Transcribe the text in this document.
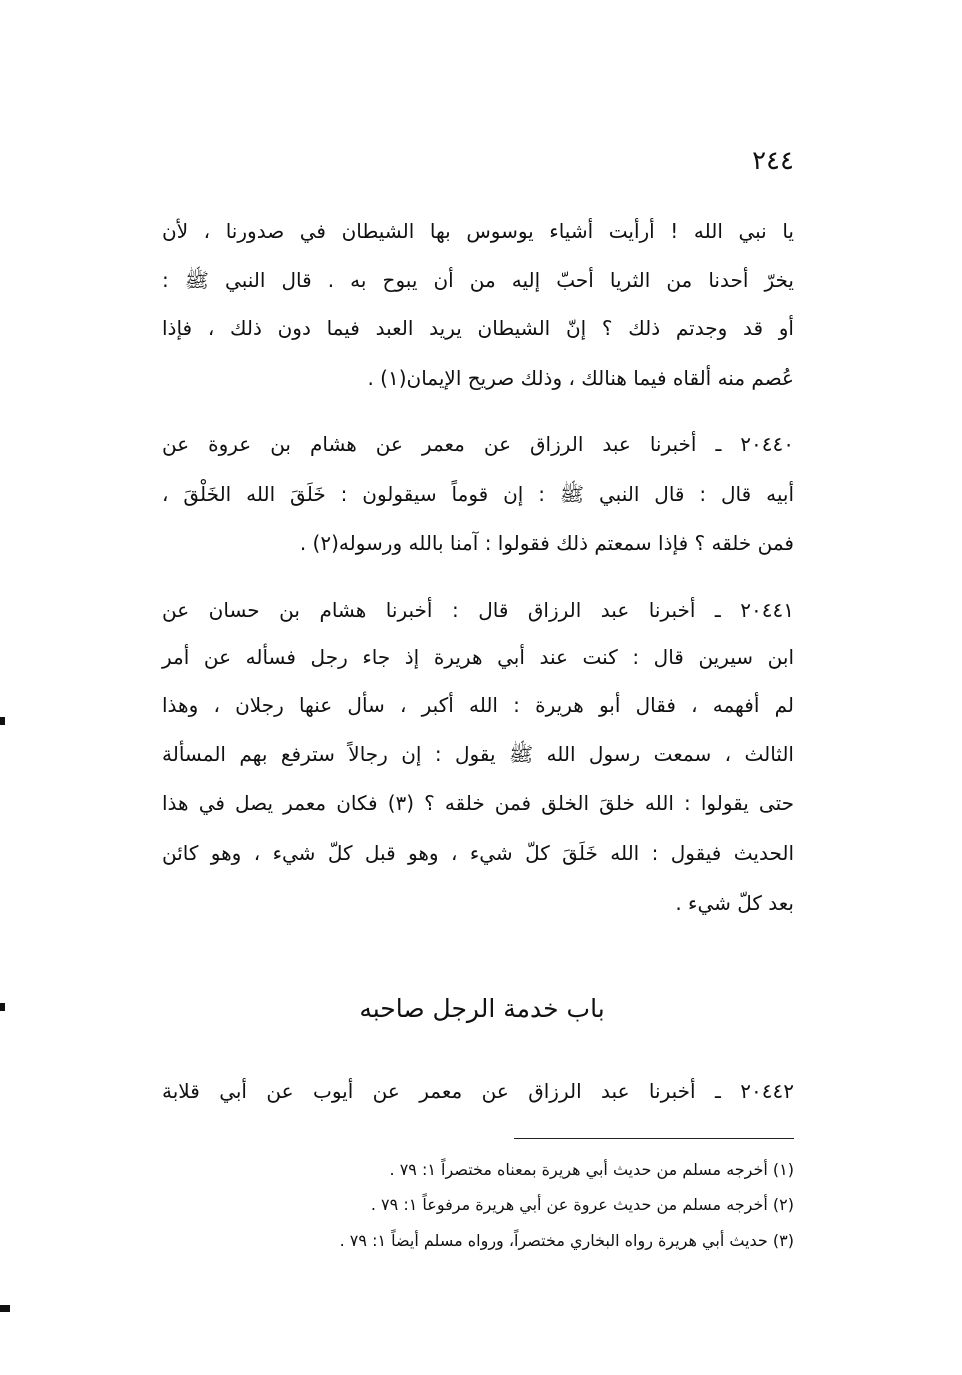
٢٤٤
يا نبي الله ! أرأيت أشياء يوسوس بها الشيطان في صدورنا ، لأن
يخرّ أحدنا من الثريا أحبّ إليه من أن يبوح به . قال النبي ﷺ :
أو قد وجدتم ذلك ؟ إنّ الشيطان يريد العبد فيما دون ذلك ، فإذا
عُصم منه ألقاه فيما هنالك ، وذلك صريح الإيمان(١) .
٢٠٤٤٠ ـ أخبرنا عبد الرزاق عن معمر عن هشام بن عروة عن
أبيه قال : قال النبي ﷺ : إن قوماً سيقولون : خَلَقَ الله الخَلْقَ ،
فمن خلقه ؟ فإذا سمعتم ذلك فقولوا : آمنا بالله ورسوله(٢) .
٢٠٤٤١ ـ أخبرنا عبد الرزاق قال : أخبرنا هشام بن حسان عن
ابن سيرين قال : كنت عند أبي هريرة إذ جاء رجل فسأله عن أمر
لم أفهمه ، فقال أبو هريرة : الله أكبر ، سأل عنها رجلان ، وهذا
الثالث ، سمعت رسول الله ﷺ يقول : إن رجالاً سترفع بهم المسألة
حتى يقولوا : الله خلقَ الخلق فمن خلقه ؟ (٣) فكان معمر يصل في هذا
الحديث فيقول : الله خَلَقَ كلّ شيء ، وهو قبل كلّ شيء ، وهو كائن
بعد كلّ شيء .
باب خدمة الرجل صاحبه
٢٠٤٤٢ ـ أخبرنا عبد الرزاق عن معمر عن أيوب عن أبي قلابة
(١) أخرجه مسلم من حديث أبي هريرة بمعناه مختصراً ١: ٧٩ .
(٢) أخرجه مسلم من حديث عروة عن أبي هريرة مرفوعاً ١: ٧٩ .
(٣) حديث أبي هريرة رواه البخاري مختصراً، ورواه مسلم أيضاً ١: ٧٩ .
